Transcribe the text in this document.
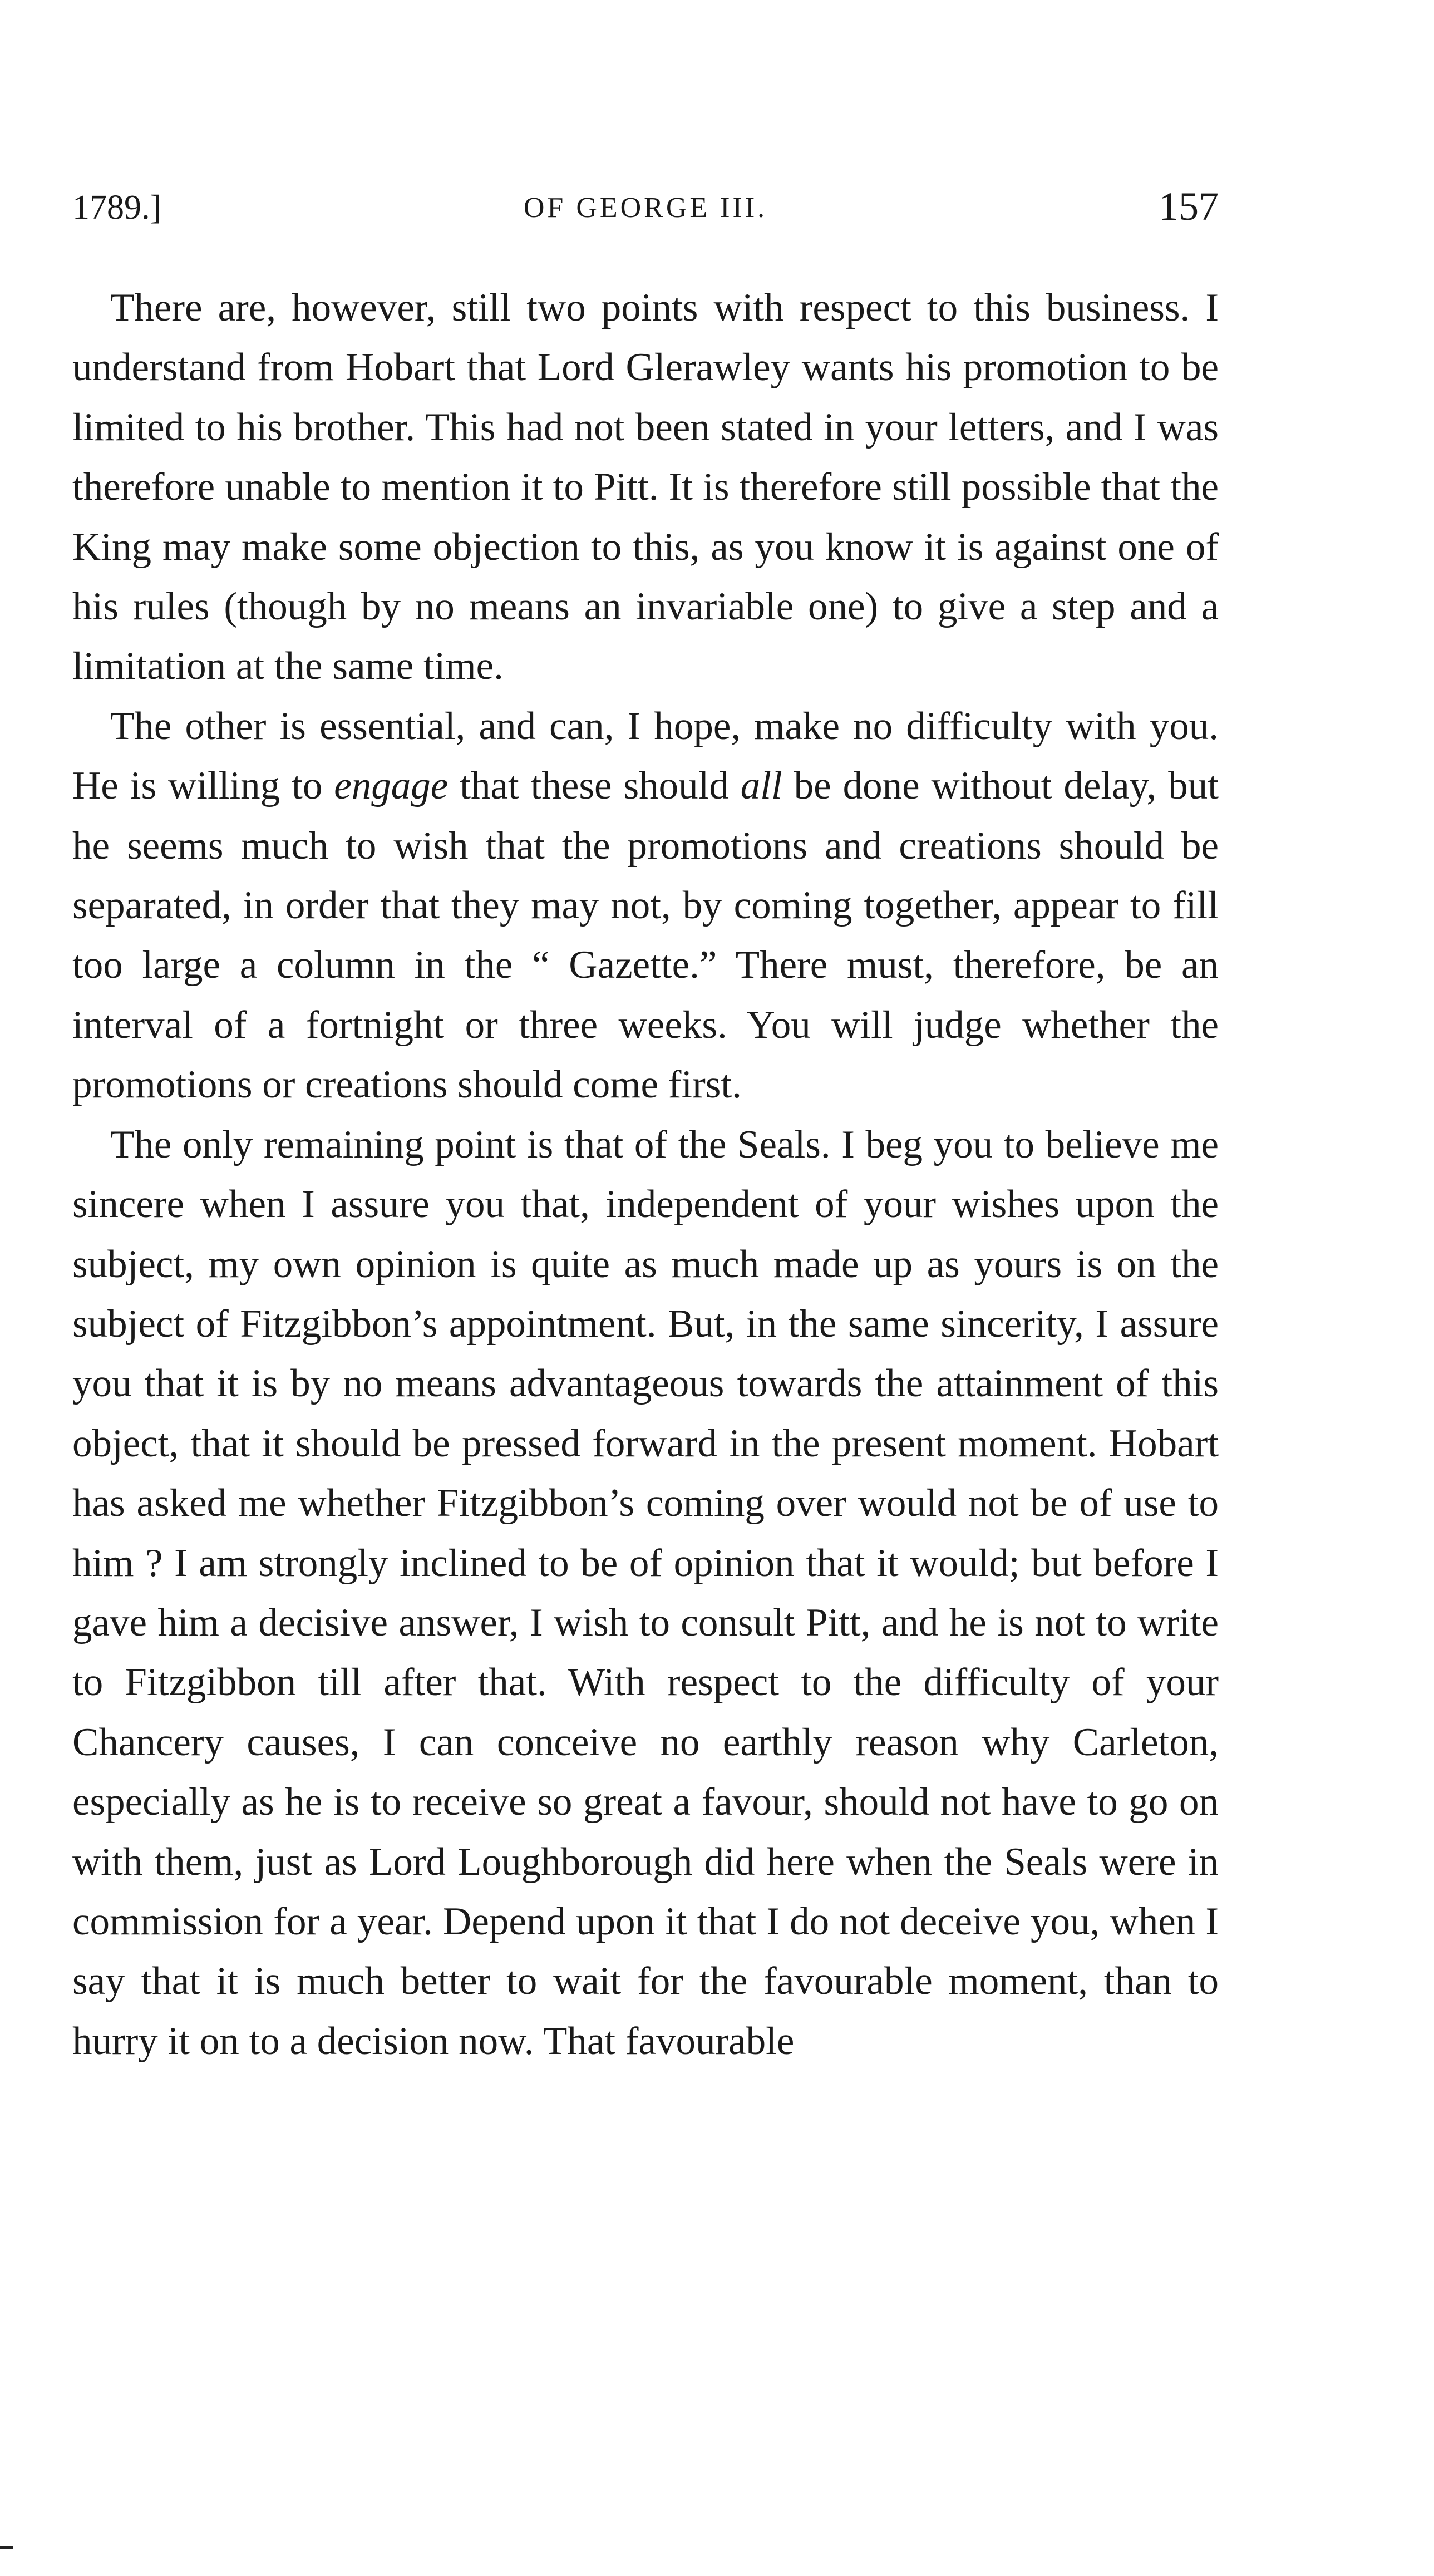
1789.]	OF GEORGE III.	157

There are, however, still two points with respect to this business. I understand from Hobart that Lord Glerawley wants his promotion to be limited to his brother. This had not been stated in your letters, and I was therefore unable to mention it to Pitt. It is therefore still possible that the King may make some objection to this, as you know it is against one of his rules (though by no means an invariable one) to give a step and a limitation at the same time.

The other is essential, and can, I hope, make no difficulty with you. He is willing to engage that these should all be done without delay, but he seems much to wish that the promotions and creations should be separated, in order that they may not, by coming together, appear to fill too large a column in the “ Gazette.” There must, therefore, be an interval of a fortnight or three weeks. You will judge whether the promotions or creations should come first.

The only remaining point is that of the Seals. I beg you to believe me sincere when I assure you that, independent of your wishes upon the subject, my own opinion is quite as much made up as yours is on the subject of Fitzgibbon’s appointment. But, in the same sincerity, I assure you that it is by no means advantageous towards the attainment of this object, that it should be pressed forward in the present moment. Hobart has asked me whether Fitzgibbon’s coming over would not be of use to him ? I am strongly inclined to be of opinion that it would; but before I gave him a decisive answer, I wish to consult Pitt, and he is not to write to Fitzgibbon till after that. With respect to the difficulty of your Chancery causes, I can conceive no earthly reason why Carleton, especially as he is to receive so great a favour, should not have to go on with them, just as Lord Loughborough did here when the Seals were in commission for a year. Depend upon it that I do not deceive you, when I say that it is much better to wait for the favourable moment, than to hurry it on to a decision now. That favourable
